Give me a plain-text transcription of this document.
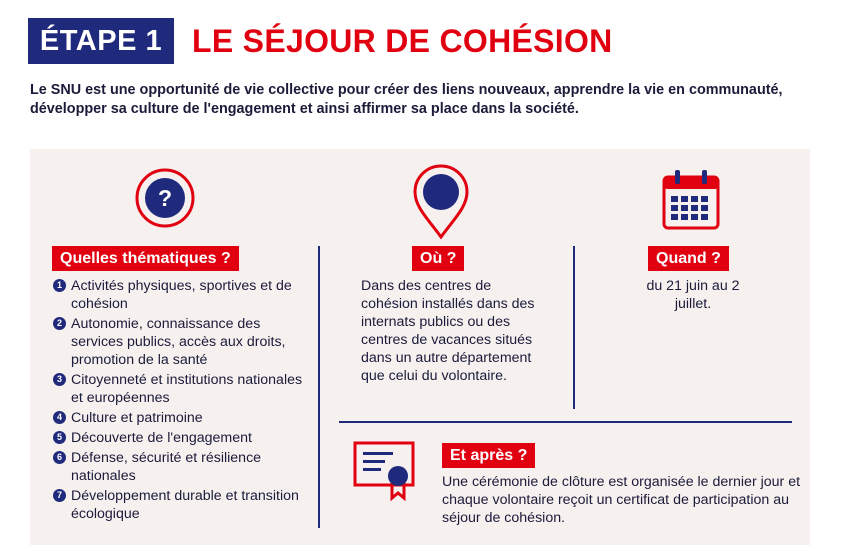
ÉTAPE 1 LE SÉJOUR DE COHÉSION
Le SNU est une opportunité de vie collective pour créer des liens nouveaux, apprendre la vie en communauté, développer sa culture de l'engagement et ainsi affirmer sa place dans la société.
?
Quelles thématiques ?
1 Activités physiques, sportives et de cohésion
2 Autonomie, connaissance des services publics, accès aux droits, promotion de la santé
3 Citoyenneté et institutions nationales et européennes
4 Culture et patrimoine
5 Découverte de l'engagement
6 Défense, sécurité et résilience nationales
7 Développement durable et transition écologique
Où ?
Dans des centres de cohésion installés dans des internats publics ou des centres de vacances situés dans un autre département que celui du volontaire.
Quand ?
du 21 juin au 2 juillet.
Et après ?
Une cérémonie de clôture est organisée le dernier jour et chaque volontaire reçoit un certificat de participation au séjour de cohésion.
